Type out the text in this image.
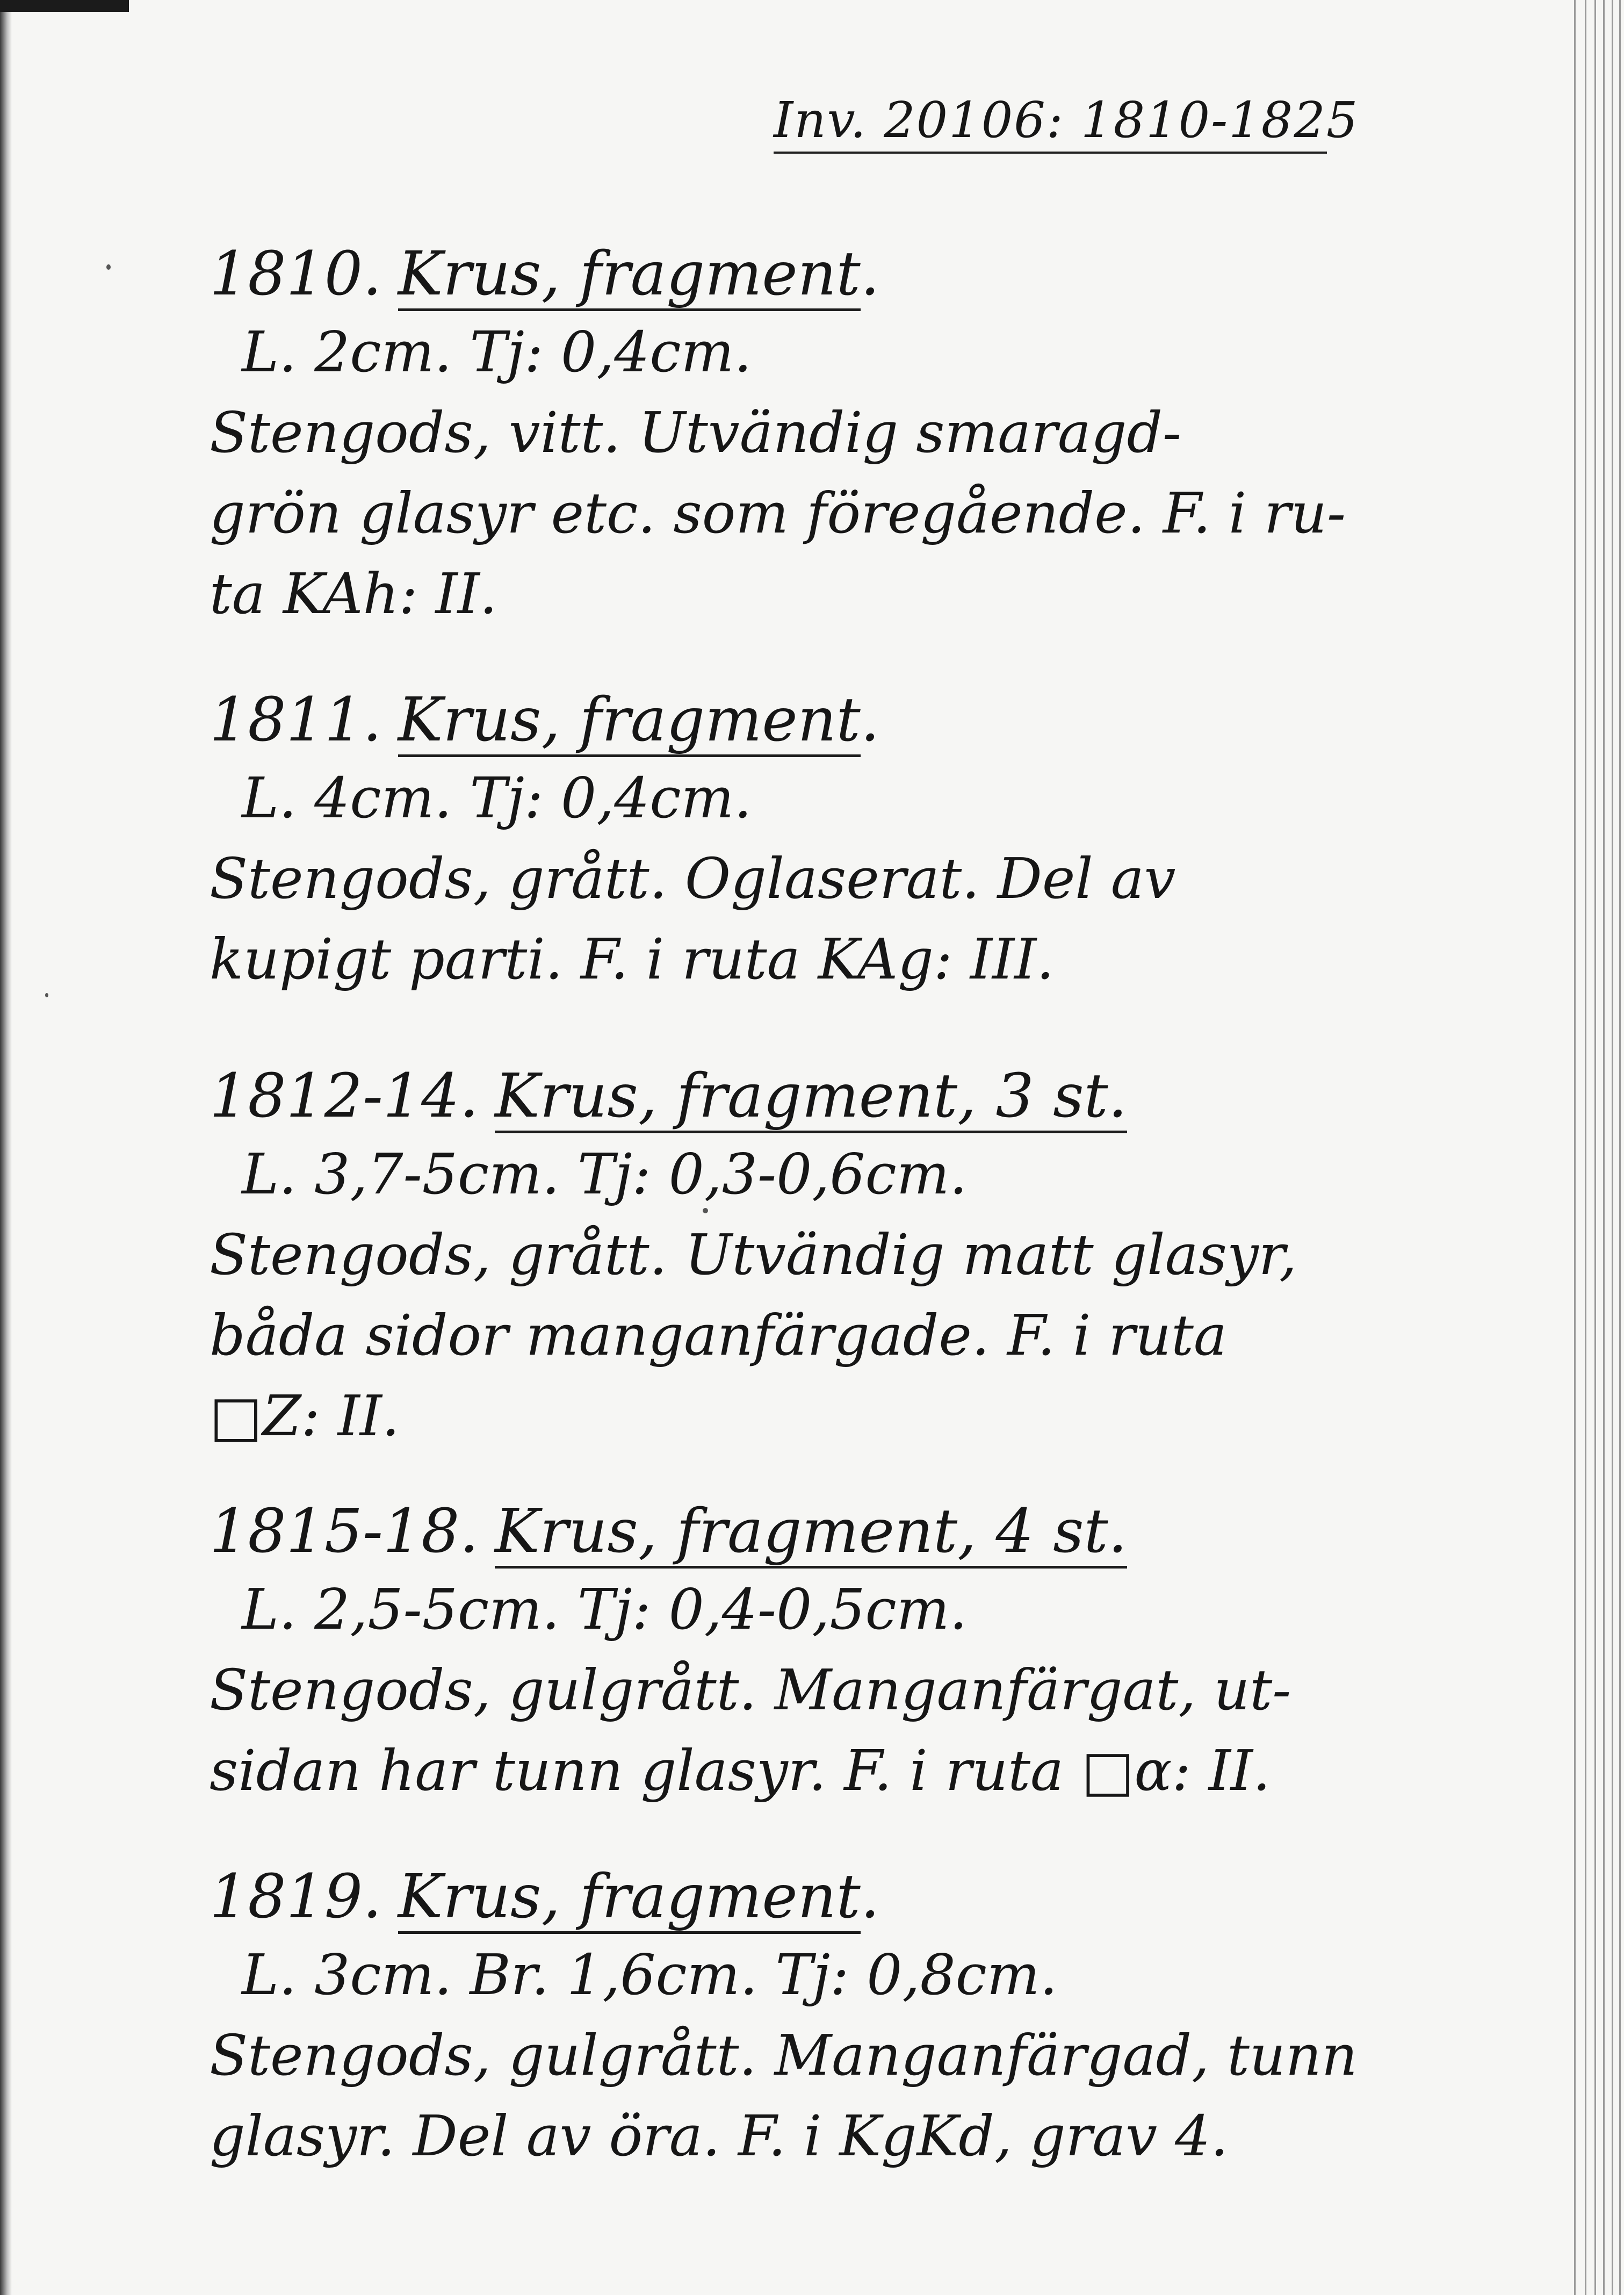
Inv. 20106: 1810-1825
1810. Krus, fragment.
L. 2cm. Tj: 0,4cm.
Stengods, vitt. Utvändig smaragd-
grön glasyr etc. som föregående. F. i ru-
ta KAh: II.
1811. Krus, fragment.
L. 4cm. Tj: 0,4cm.
Stengods, grått. Oglaserat. Del av
kupigt parti. F. i ruta KAg: III.
1812-14. Krus, fragment, 3 st.
L. 3,7-5cm. Tj: 0,3-0,6cm.
Stengods, grått. Utvändig matt glasyr,
båda sidor manganfärgade. F. i ruta
□Z: II.
1815-18. Krus, fragment, 4 st.
L. 2,5-5cm. Tj: 0,4-0,5cm.
Stengods, gulgrått. Manganfärgat, ut-
sidan har tunn glasyr. F. i ruta □α: II.
1819. Krus, fragment.
L. 3cm. Br. 1,6cm. Tj: 0,8cm.
Stengods, gulgrått. Manganfärgad, tunn
glasyr. Del av öra. F. i KgKd, grav 4.
